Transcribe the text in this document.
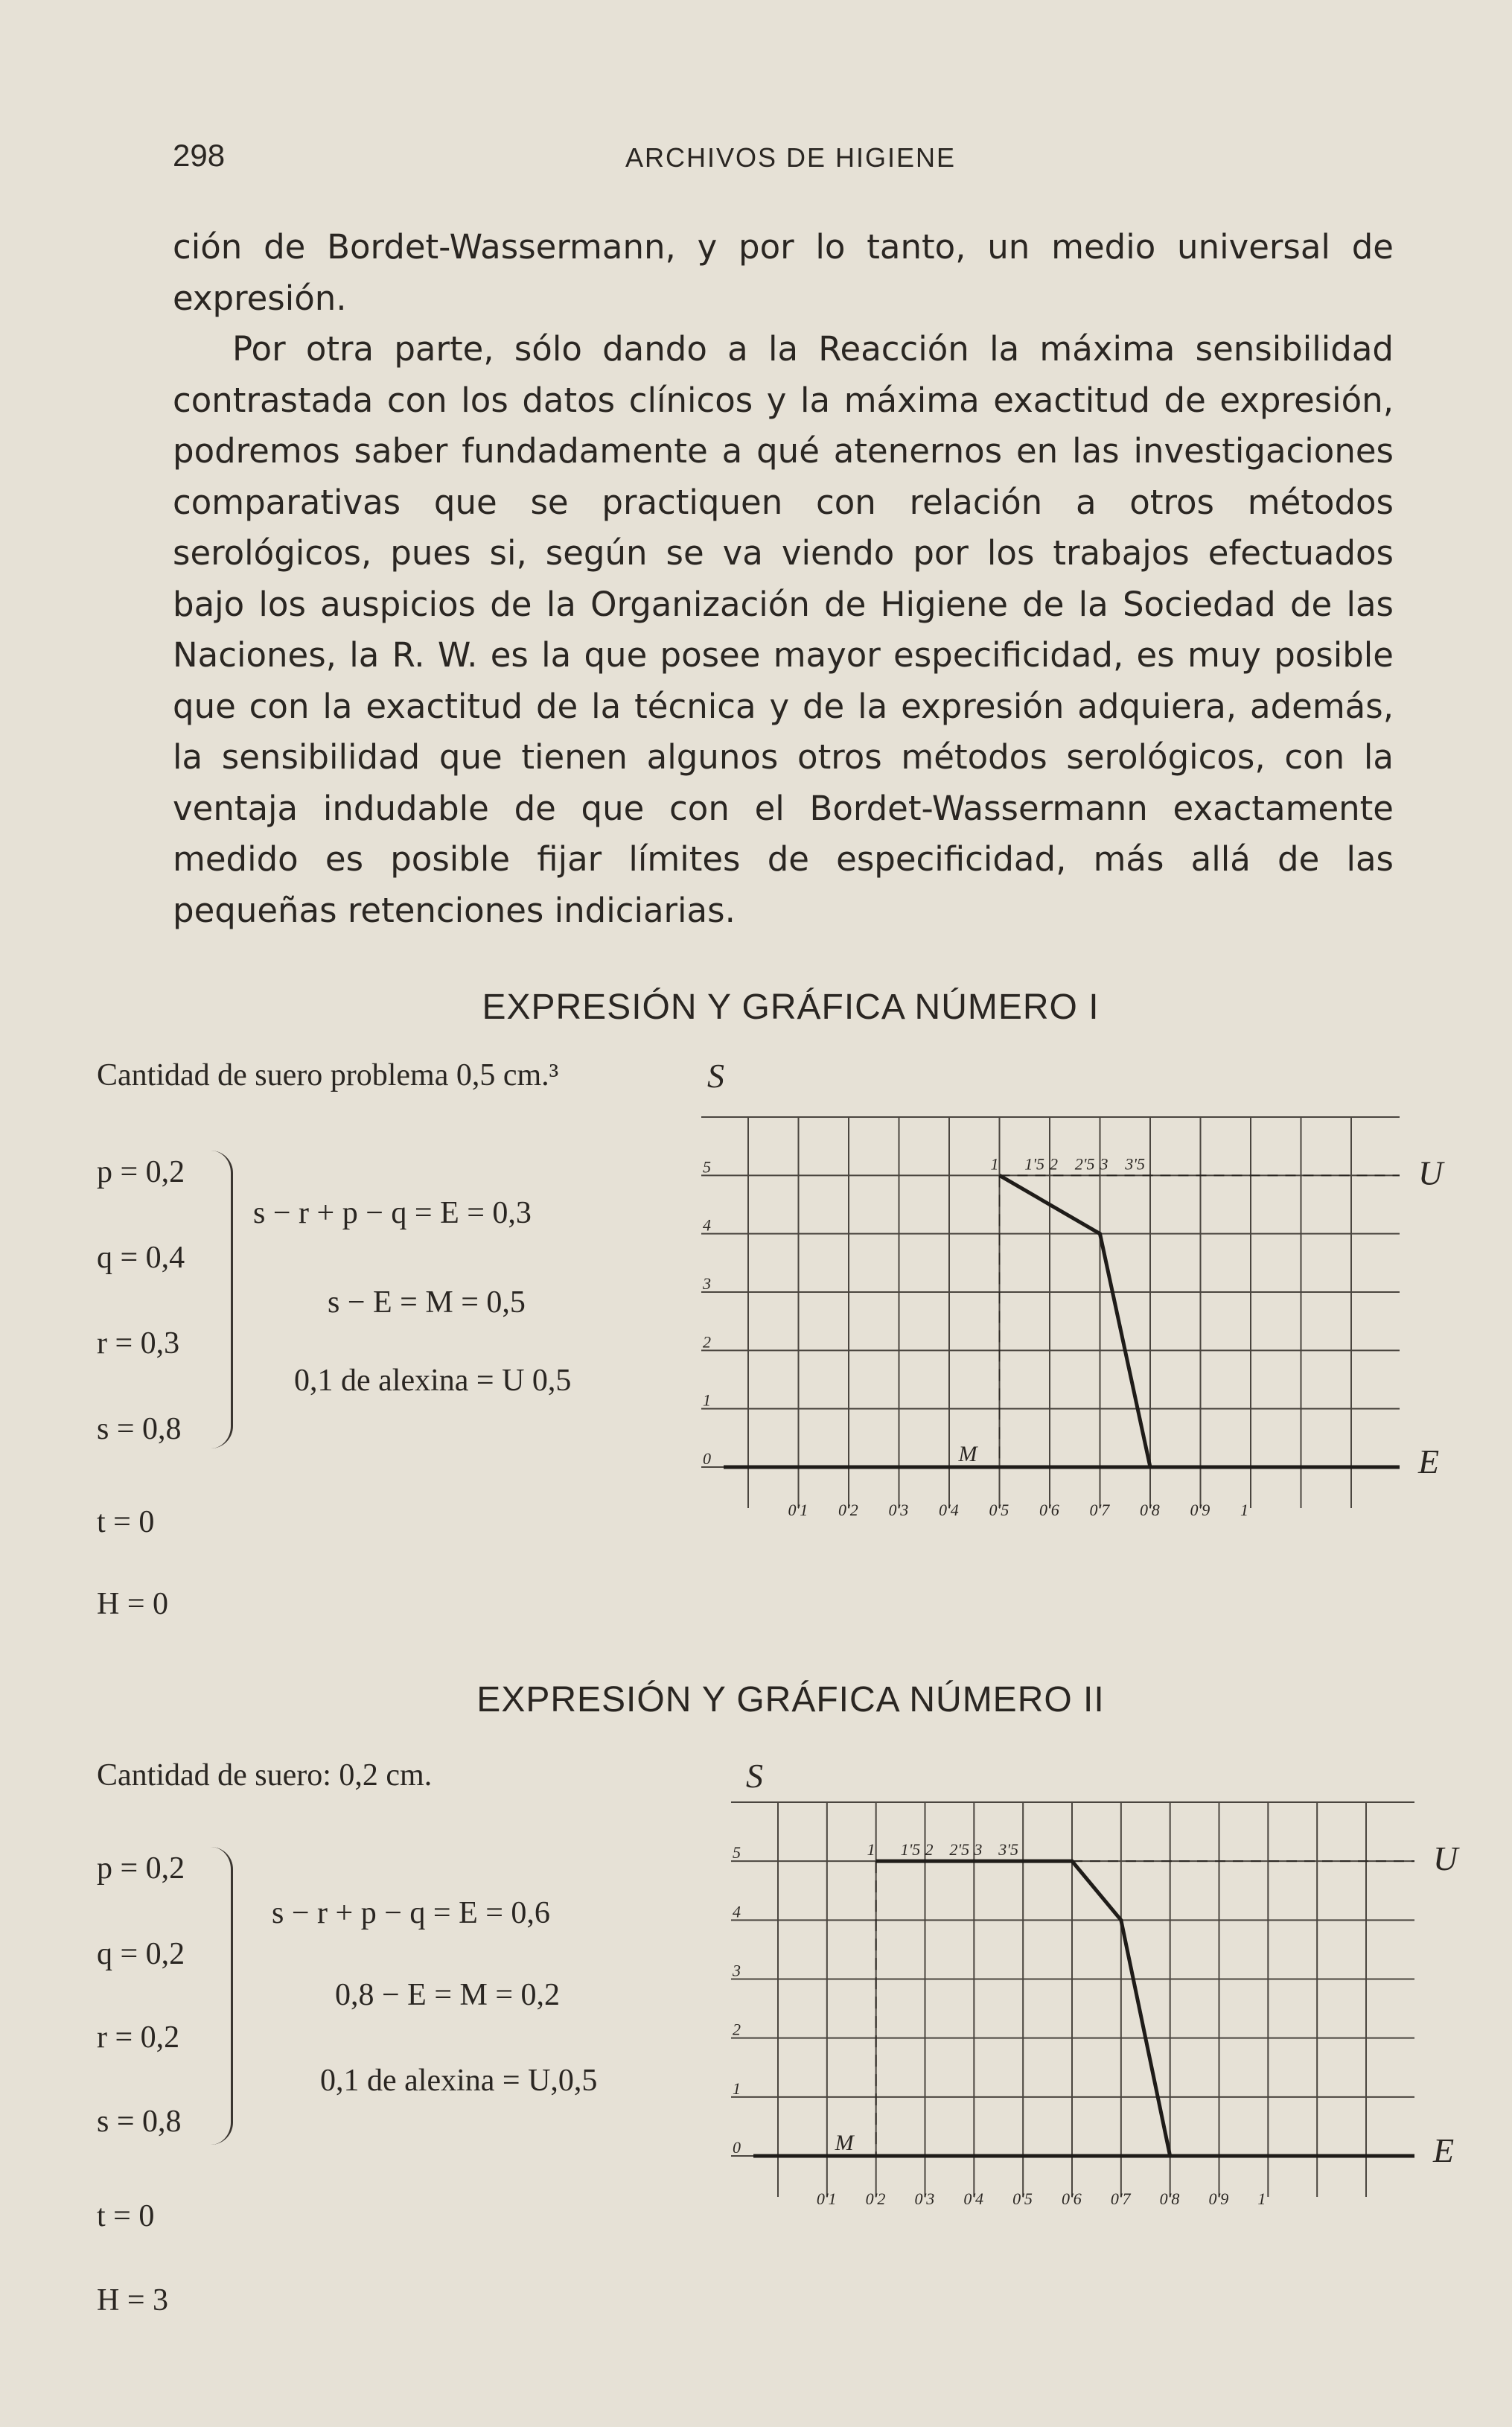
298	ARCHIVOS DE HIGIENE

ción de Bordet-Wassermann, y por lo tanto, un medio universal de expresión.

Por otra parte, sólo dando a la Reacción la máxima sensibilidad contrastada con los datos clínicos y la máxima exactitud de expresión, podremos saber fundadamente a qué atenernos en las investigaciones comparativas que se practiquen con relación a otros métodos serológicos, pues si, según se va viendo por los trabajos efectuados bajo los auspicios de la Organización de Higiene de la Sociedad de las Naciones, la R. W. es la que posee mayor especificidad, es muy posible que con la exactitud de la técnica y de la expresión adquiera, además, la sensibilidad que tienen algunos otros métodos serológicos, con la ventaja indudable de que con el Bordet-Wassermann exactamente medido es posible fijar límites de especificidad, más allá de las pequeñas retenciones indiciarias.

EXPRESIÓN Y GRÁFICA NÚMERO I
Cantidad de suero problema 0,5 cm.³
p = 0,2
q = 0,4
r = 0,3
s = 0,8
t = 0
H = 0
s − r + p − q = E = 0,3
s − E = M = 0,5
0,1 de alexina = U 0,5
S
0
1
2
3
4
5
0'1 0'2 0'3 0'4 0'5 0'6 0'7 0'8 0'9 1
1 1'5 2 2'5 3 3'5
M
U
E
EXPRESIÓN Y GRÁFICA NÚMERO II
Cantidad de suero: 0,2 cm.
p = 0,2
q = 0,2
r = 0,2
s = 0,8
t = 0
H = 3
s − r + p − q = E = 0,6
0,8 − E = M = 0,2
0,1 de alexina = U,0,5
S
0
1
2
3
4
5
0'1 0'2 0'3 0'4 0'5 0'6 0'7 0'8 0'9 1
1 1'5 2 2'5 3 3'5
M
U
E
